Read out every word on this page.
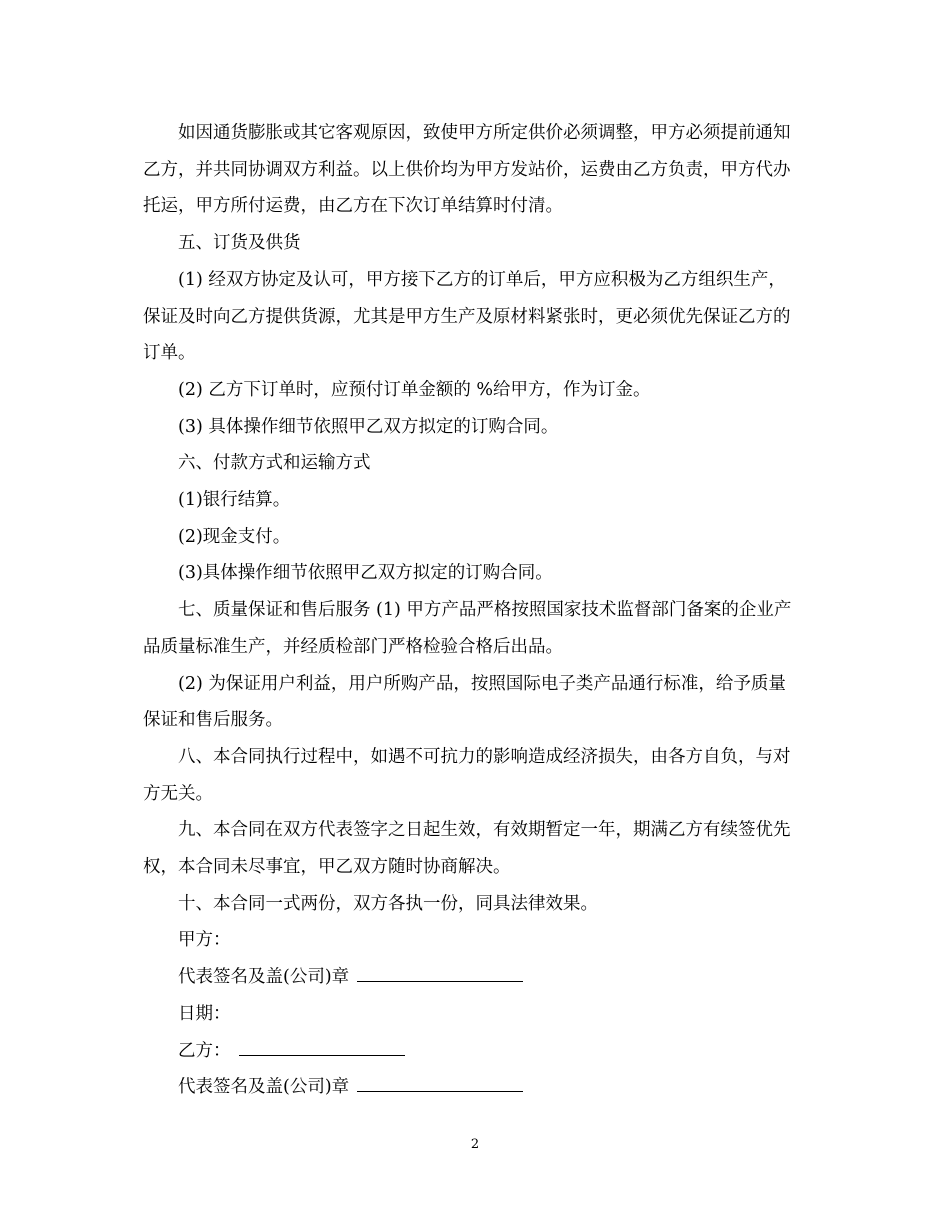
如因通货膨胀或其它客观原因，致使甲方所定供价必须调整，甲方必须提前通知乙方，并共同协调双方利益。以上供价均为甲方发站价，运费由乙方负责，甲方代办托运，甲方所付运费，由乙方在下次订单结算时付清。

五、订货及供货

(1) 经双方协定及认可，甲方接下乙方的订单后，甲方应积极为乙方组织生产，保证及时向乙方提供货源，尤其是甲方生产及原材料紧张时，更必须优先保证乙方的订单。

(2) 乙方下订单时，应预付订单金额的 %给甲方，作为订金。

(3) 具体操作细节依照甲乙双方拟定的订购合同。

六、付款方式和运输方式

(1)银行结算。

(2)现金支付。

(3)具体操作细节依照甲乙双方拟定的订购合同。

七、质量保证和售后服务 (1) 甲方产品严格按照国家技术监督部门备案的企业产品质量标准生产，并经质检部门严格检验合格后出品。

(2) 为保证用户利益，用户所购产品，按照国际电子类产品通行标准，给予质量保证和售后服务。

八、本合同执行过程中，如遇不可抗力的影响造成经济损失，由各方自负，与对方无关。

九、本合同在双方代表签字之日起生效，有效期暂定一年，期满乙方有续签优先权，本合同未尽事宜，甲乙双方随时协商解决。

十、本合同一式两份，双方各执一份，同具法律效果。

甲方：

代表签名及盖(公司)章

日期：

乙方：

代表签名及盖(公司)章

2
